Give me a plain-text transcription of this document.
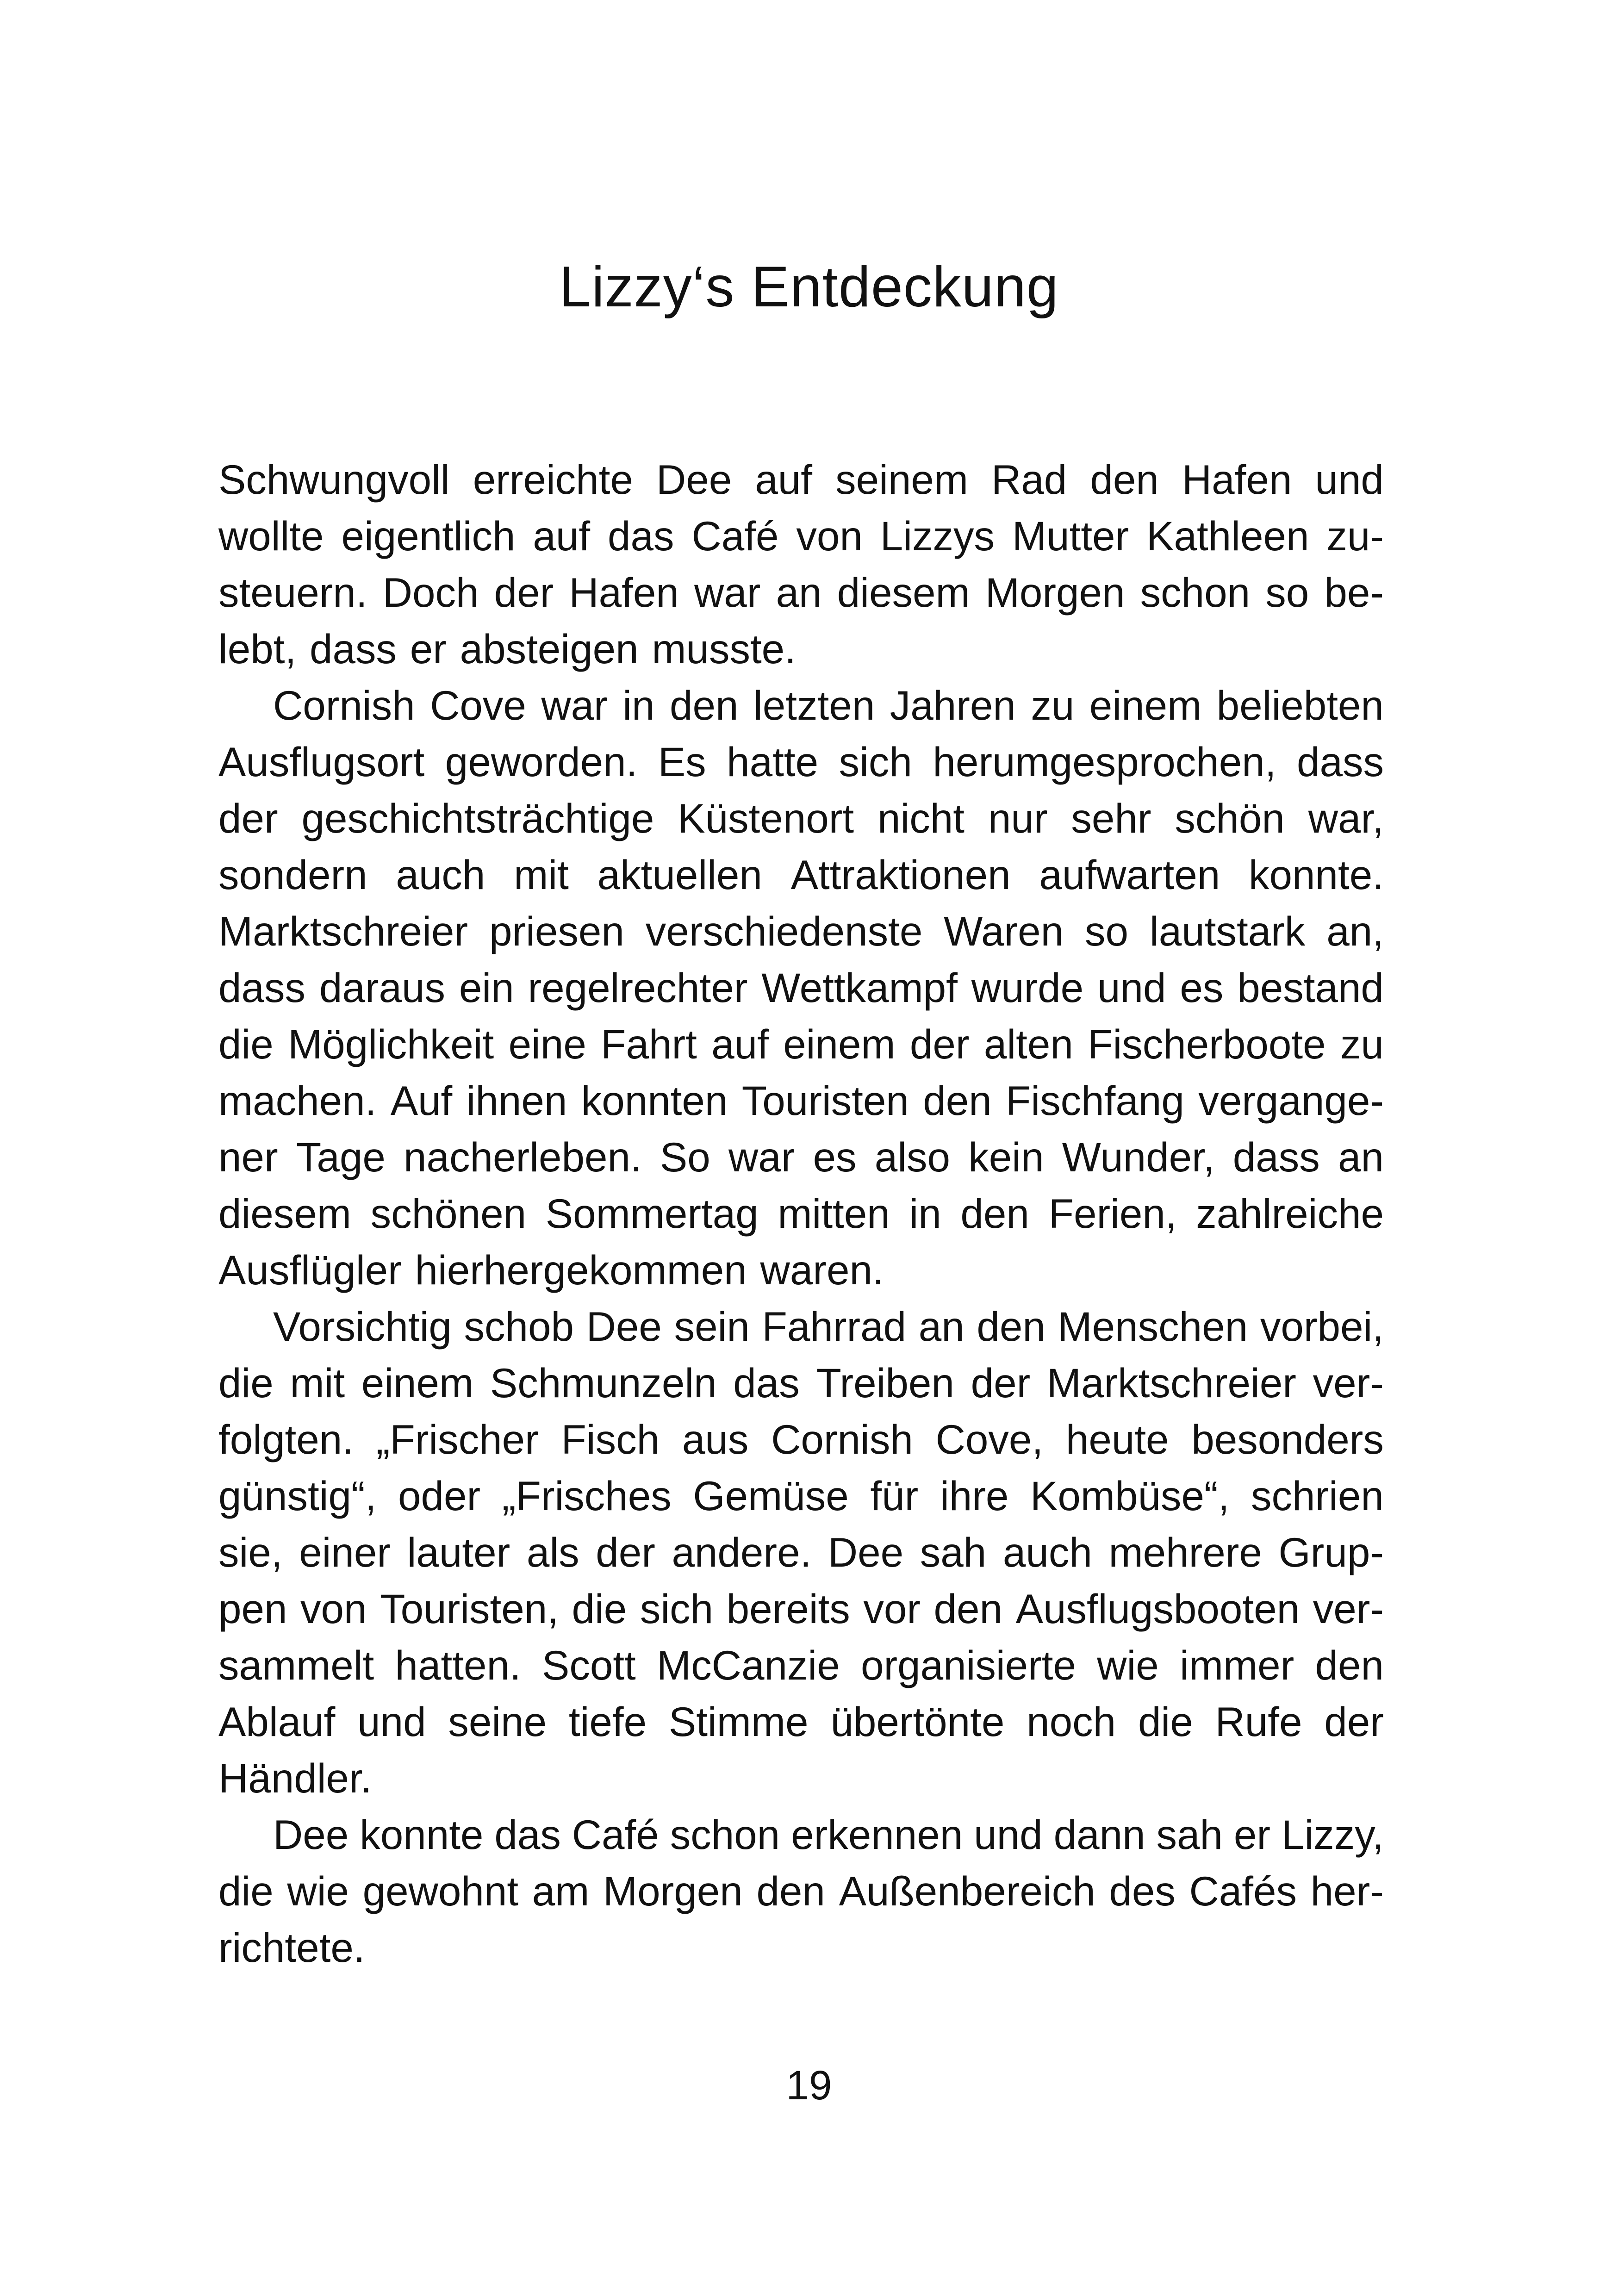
Lizzy‘s Entdeckung
Schwungvoll erreichte Dee auf seinem Rad den Hafen und
wollte eigentlich auf das Café von Lizzys Mutter Kathleen zu-
steuern. Doch der Hafen war an diesem Morgen schon so be-
lebt,
dass
er
absteigen
musste.
Cornish Cove war in den letzten Jahren zu einem beliebten
Ausflugsort geworden. Es hatte sich herumgesprochen, dass
der geschichtsträchtige Küstenort nicht nur sehr schön war,
sondern auch mit aktuellen Attraktionen aufwarten konnte.
Marktschreier priesen verschiedenste Waren so lautstark an,
dass daraus ein regelrechter Wettkampf wurde und es bestand
die Möglichkeit eine Fahrt auf einem der alten Fischerboote zu
machen. Auf ihnen konnten Touristen den Fischfang vergange-
ner Tage nacherleben. So war es also kein Wunder, dass an
diesem schönen Sommertag mitten in den Ferien, zahlreiche
Ausflügler
hierhergekommen
waren.
Vorsichtig schob Dee sein Fahrrad an den Menschen vorbei,
die mit einem Schmunzeln das Treiben der Marktschreier ver-
folgten. „Frischer Fisch aus Cornish Cove, heute besonders
günstig“, oder „Frisches Gemüse für ihre Kombüse“, schrien
sie, einer lauter als der andere. Dee sah auch mehrere Grup-
pen von Touristen, die sich bereits vor den Ausflugsbooten ver-
sammelt hatten. Scott McCanzie organisierte wie immer den
Ablauf und seine tiefe Stimme übertönte noch die Rufe der
Händler.
Dee konnte das Café schon erkennen und dann sah er Lizzy,
die wie gewohnt am Morgen den Außenbereich des Cafés her-
richtete.
19
